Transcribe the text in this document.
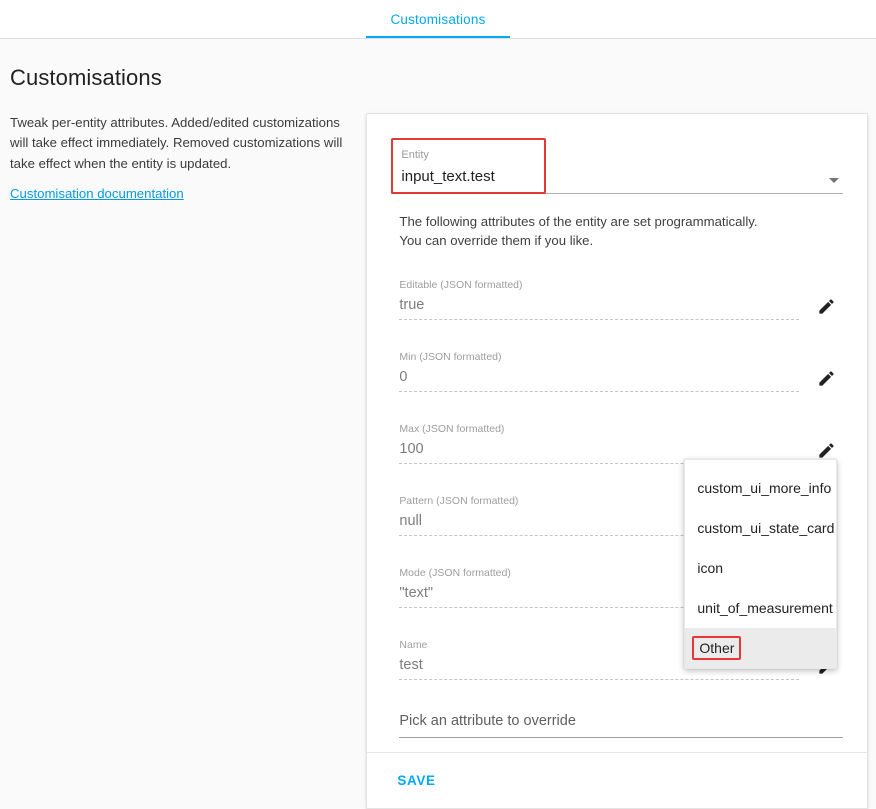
Customisations
Customisations

Tweak per-entity attributes. Added/edited customizations will take effect immediately. Removed customizations will take effect when the entity is updated.

Customisation documentation
Entity
input_text.test
The following attributes of the entity are set programmatically.
You can override them if you like.
Editable (JSON formatted)
true
Min (JSON formatted)
0
Max (JSON formatted)
100
Pattern (JSON formatted)
null
Mode (JSON formatted)
"text"
Name
test
Pick an attribute to override
SAVE
custom_ui_more_info
custom_ui_state_card
icon
unit_of_measurement
Other
